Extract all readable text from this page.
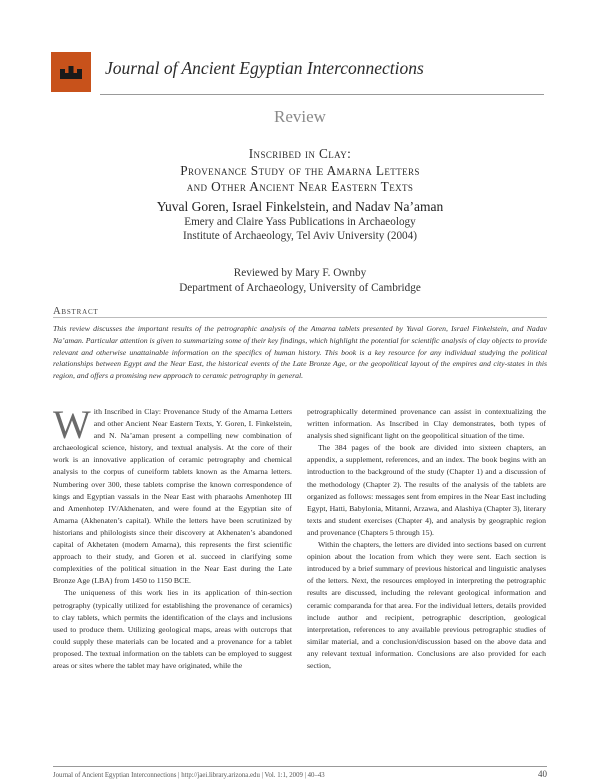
Journal of Ancient Egyptian Interconnections
Review
Inscribed in Clay:
Provenance Study of the Amarna Letters
and Other Ancient Near Eastern Texts
Yuval Goren, Israel Finkelstein, and Nadav Na’aman
Emery and Claire Yass Publications in Archaeology
Institute of Archaeology, Tel Aviv University (2004)
Reviewed by Mary F. Ownby
Department of Archaeology, University of Cambridge
Abstract
This review discusses the important results of the petrographic analysis of the Amarna tablets presented by Yuval Goren, Israel Finkelstein, and Nadav Na’aman. Particular attention is given to summarizing some of their key findings, which highlight the potential for scientific analysis of clay objects to provide relevant and otherwise unattainable information on the specifics of human history. This book is a key resource for any individual studying the political relationships between Egypt and the Near East, the historical events of the Late Bronze Age, or the geopolitical layout of the empires and city-states in this region, and offers a promising new approach to ceramic petrography in general.

With Inscribed in Clay: Provenance Study of the Amarna Letters and other Ancient Near Eastern Texts, Y. Goren, I. Finkelstein, and N. Na’aman present a compelling new combination of archaeological science, history, and textual analysis. At the core of their work is an innovative application of ceramic petrography and chemical analysis to the corpus of cuneiform tablets known as the Amarna letters. Numbering over 300, these tablets comprise the known correspondence of kings and Egyptian vassals in the Near East with pharaohs Amenhotep III and Amenhotep IV/Akhenaten, and were found at the Egyptian site of Amarna (Akhenaten’s capital). While the letters have been scrutinized by historians and philologists since their discovery at Akhenaten’s abandoned capital of Akhetaten (modern Amarna), this represents the first scientific approach to their study, and Goren et al. succeed in clarifying some complexities of the political situation in the Near East during the Late Bronze Age (LBA) from 1450 to 1150 BCE.

The uniqueness of this work lies in its application of thin-section petrography (typically utilized for establishing the provenance of ceramics) to clay tablets, which permits the identification of the clays and inclusions used to produce them. Utilizing geological maps, areas with outcrops that could supply these materials can be located and a provenance for a tablet proposed. The textual information on the tablets can be employed to suggest areas or sites where the tablet may have originated, while the

petrographically determined provenance can assist in contextualizing the written information. As Inscribed in Clay demonstrates, both types of analysis shed significant light on the geopolitical situation of the time.

The 384 pages of the book are divided into sixteen chapters, an appendix, a supplement, references, and an index. The book begins with an introduction to the background of the study (Chapter 1) and a discussion of the methodology (Chapter 2). The results of the analysis of the tablets are organized as follows: messages sent from empires in the Near East including Egypt, Hatti, Babylonia, Mitanni, Arzawa, and Alashiya (Chapter 3), literary texts and student exercises (Chapter 4), and analysis by geographic region and provenance (Chapters 5 through 15).

Within the chapters, the letters are divided into sections based on current opinion about the location from which they were sent. Each section is introduced by a brief summary of previous historical and linguistic analyses of the letters. Next, the resources employed in interpreting the petrographic results are discussed, including the relevant geological information and ceramic comparanda for that area. For the individual letters, details provided include author and recipient, petrographic description, geological interpretation, references to any available previous petrographic studies of similar material, and a conclusion/discussion based on the above data and any relevant textual information. Conclusions are also provided for each section,

Journal of Ancient Egyptian Interconnections | http://jaei.library.arizona.edu | Vol. 1:1, 2009 | 40–43	40
